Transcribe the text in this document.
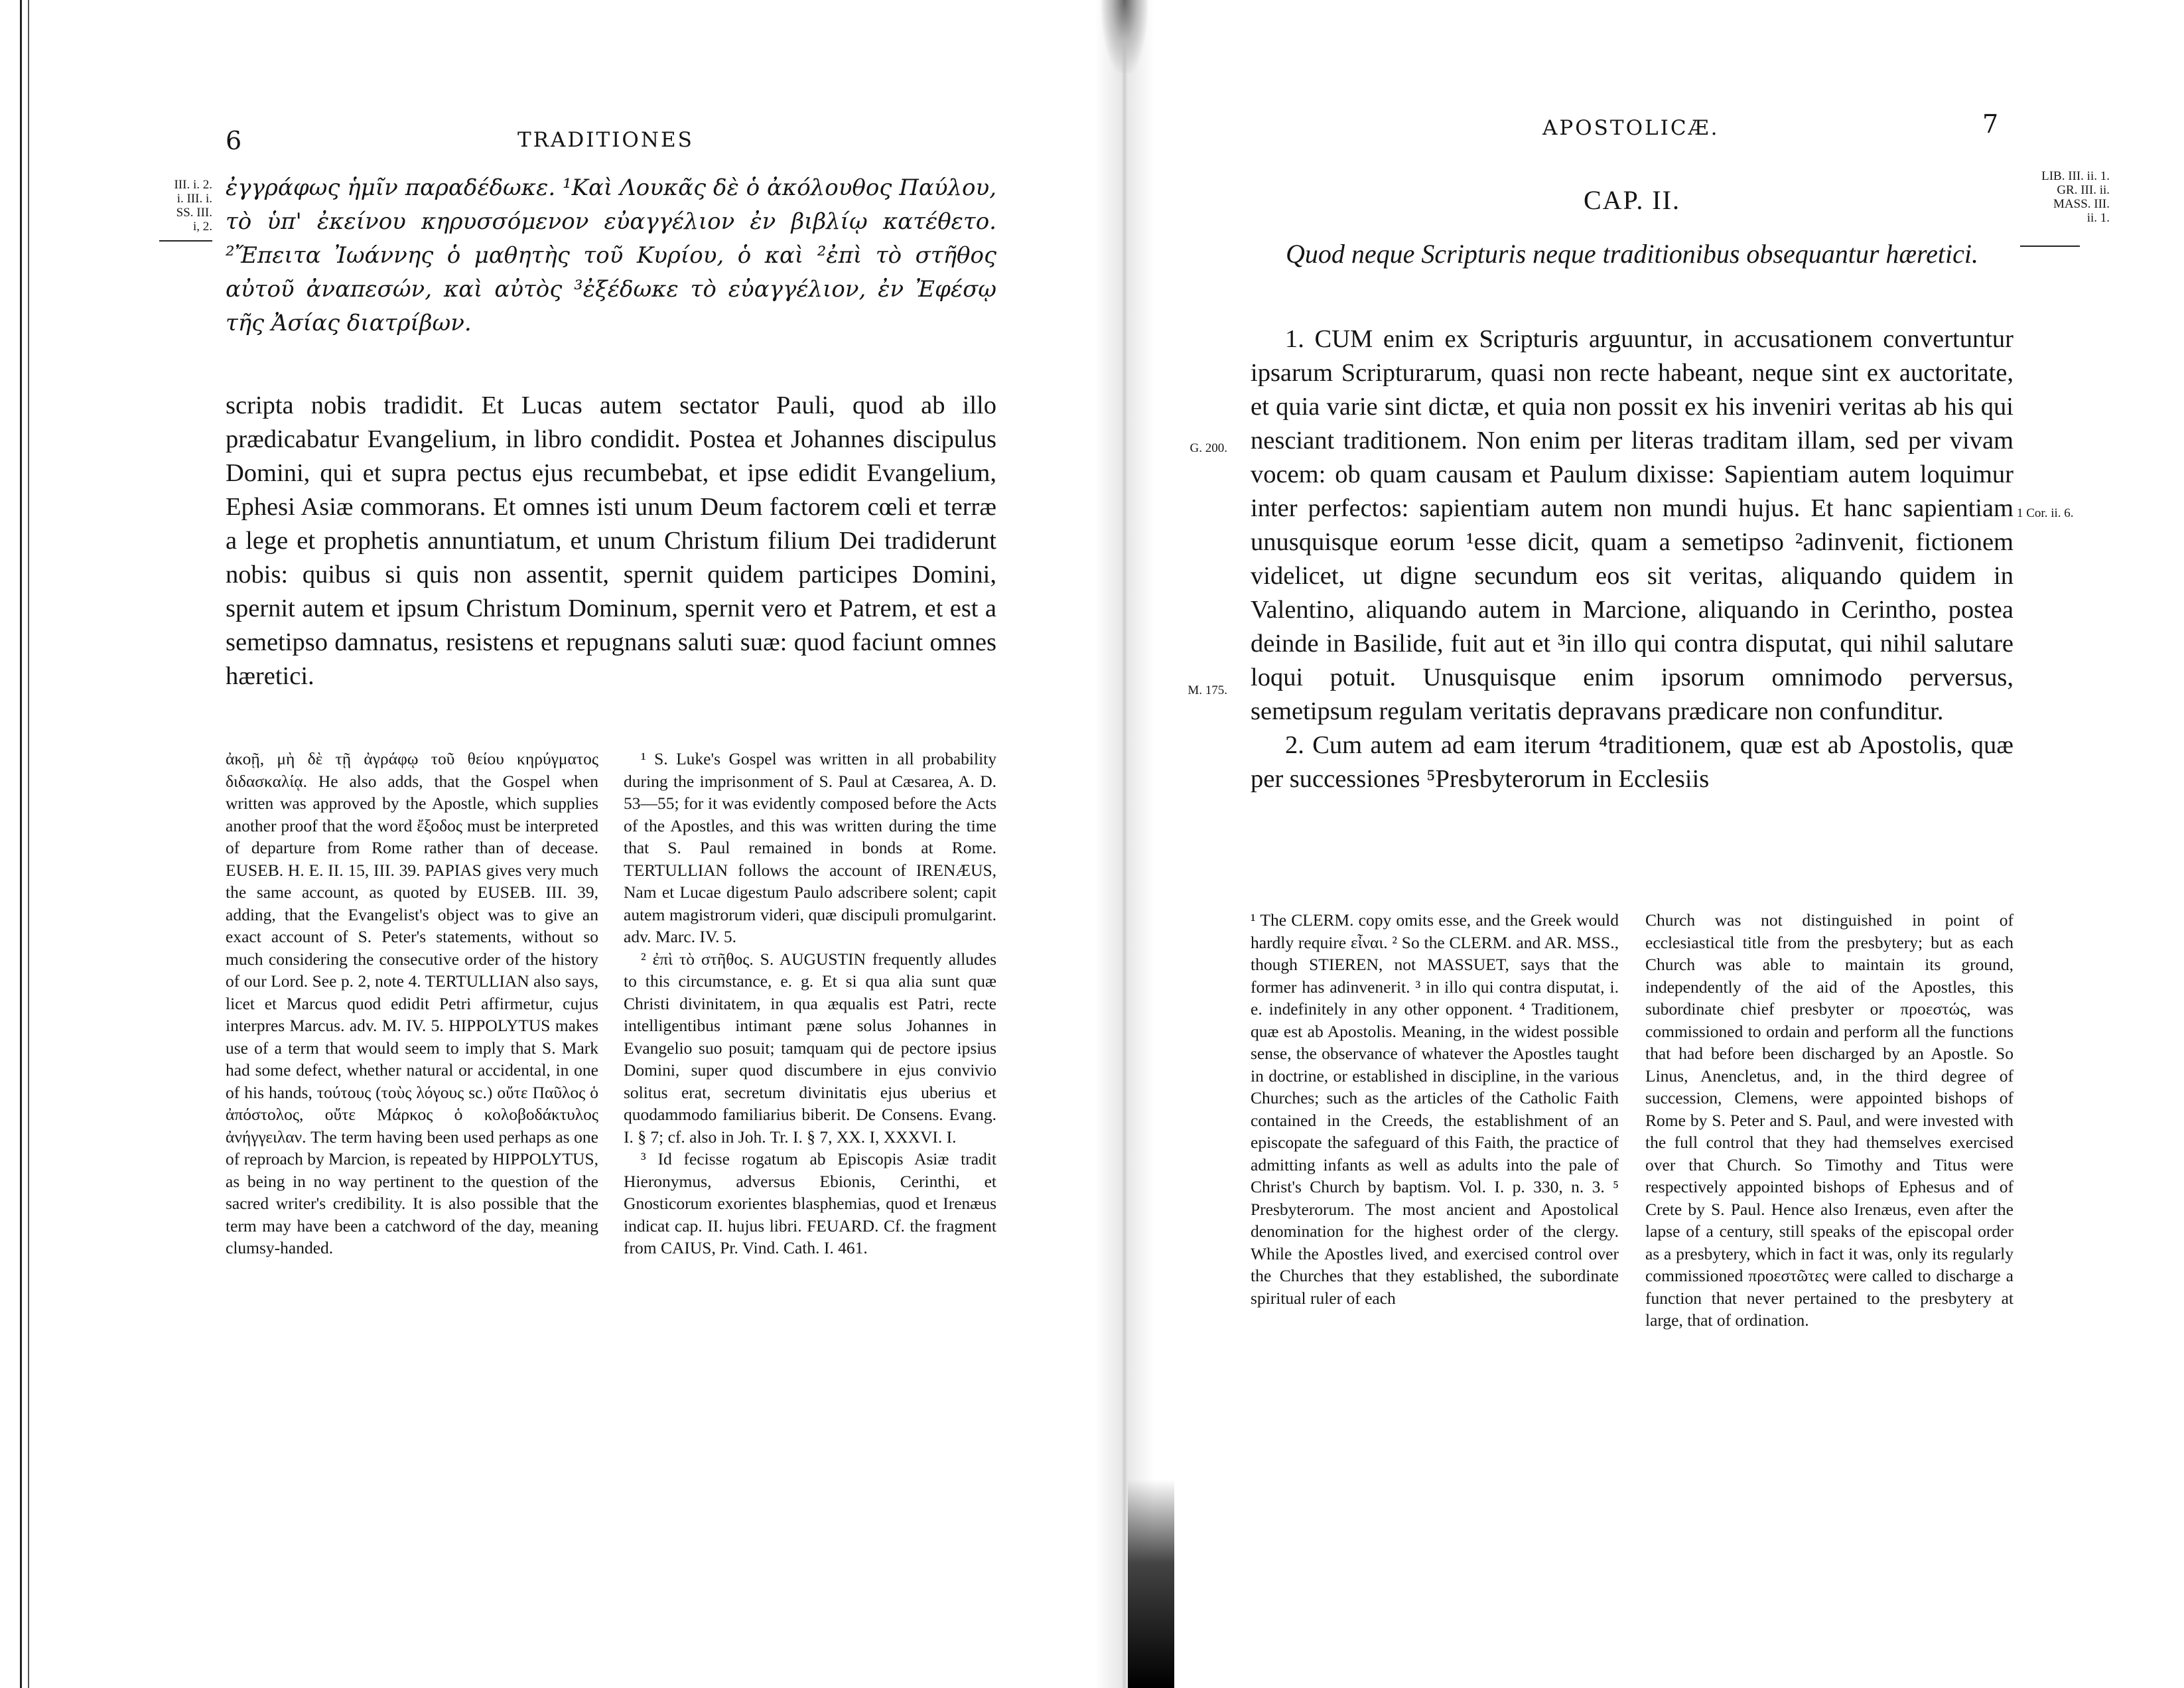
6	TRADITIONES
III. i. 2.
i. III. i.
SS. III.
i, 2.
ἐγγράφως ἡμῖν παραδέδωκε. ¹Καὶ Λουκᾶς δὲ ὁ ἀκόλουθος Παύλου, τὸ ὑπ' ἐκείνου κηρυσσόμενον εὐαγγέλιον ἐν βιβλίῳ κατέθετο. ²Ἔπειτα Ἰωάννης ὁ μαθητὴς τοῦ Κυρίου, ὁ καὶ ²ἐπὶ τὸ στῆθος αὐτοῦ ἀναπεσών, καὶ αὐτὸς ³ἐξέδωκε τὸ εὐαγγέλιον, ἐν Ἐφέσῳ τῆς Ἀσίας διατρίβων.
scripta nobis tradidit. Et Lucas autem sectator Pauli, quod ab illo prædicabatur Evangelium, in libro condidit. Postea et Johannes discipulus Domini, qui et supra pectus ejus recumbebat, et ipse edidit Evangelium, Ephesi Asiæ commorans. Et omnes isti unum Deum factorem cœli et terræ a lege et prophetis annuntiatum, et unum Christum filium Dei tradiderunt nobis: quibus si quis non assentit, spernit quidem participes Domini, spernit autem et ipsum Christum Dominum, spernit vero et Patrem, et est a semetipso damnatus, resistens et repugnans saluti suæ: quod faciunt omnes hæretici.
ἀκοῇ, μὴ δὲ τῇ ἀγράφῳ τοῦ θείου κηρύγματος διδασκαλίᾳ. He also adds, that the Gospel when written was approved by the Apostle, which supplies another proof that the word ἔξοδος must be interpreted of departure from Rome rather than of decease. EUSEB. H. E. II. 15, III. 39. PAPIAS gives very much the same account, as quoted by EUSEB. III. 39, adding, that the Evangelist's object was to give an exact account of S. Peter's statements, without so much considering the consecutive order of the history of our Lord. See p. 2, note 4. TERTULLIAN also says, licet et Marcus quod edidit Petri affirmetur, cujus interpres Marcus. adv. M. IV. 5. HIPPOLYTUS makes use of a term that would seem to imply that S. Mark had some defect, whether natural or accidental, in one of his hands, τούτους (τοὺς λόγους sc.) οὔτε Παῦλος ὁ ἀπόστολος, οὔτε Μάρκος ὁ κολοβοδάκτυλος ἀνήγγειλαν. The term having been used perhaps as one of reproach by Marcion, is repeated by HIPPOLYTUS, as being in no way pertinent to the question of the sacred writer's credibility. It is also possible that the term may have been a catchword of the day, meaning clumsy-handed.

¹ S. Luke's Gospel was written in all probability during the imprisonment of S. Paul at Cæsarea, A. D. 53—55; for it was evidently composed before the Acts of the Apostles, and this was written during the time that S. Paul remained in bonds at Rome. TERTULLIAN follows the account of IRENÆUS, Nam et Lucae digestum Paulo adscribere solent; capit autem magistrorum videri, quæ discipuli promulgarint. adv. Marc. IV. 5.

² ἐπὶ τὸ στῆθος. S. AUGUSTIN frequently alludes to this circumstance, e. g. Et si qua alia sunt quæ Christi divinitatem, in qua æqualis est Patri, recte intelligentibus intimant pæne solus Johannes in Evangelio suo posuit; tamquam qui de pectore ipsius Domini, super quod discumbere in ejus convivio solitus erat, secretum divinitatis ejus uberius et quodammodo familiarius biberit. De Consens. Evang. I. § 7; cf. also in Joh. Tr. I. § 7, XX. I, XXXVI. I.

³ Id fecisse rogatum ab Episcopis Asiæ tradit Hieronymus, adversus Ebionis, Cerinthi, et Gnosticorum exorientes blasphemias, quod et Irenæus indicat cap. II. hujus libri. FEUARD. Cf. the fragment from CAIUS, Pr. Vind. Cath. I. 461.

APOSTOLICÆ.	7
LIB. III. ii. 1.
GR. III. ii.
MASS. III.
ii. 1.
CAP. II.
Quod neque Scripturis neque traditionibus obsequantur hæretici.
G. 200.
1 Cor. ii. 6.
M. 175.

1. CUM enim ex Scripturis arguuntur, in accusationem convertuntur ipsarum Scripturarum, quasi non recte habeant, neque sint ex auctoritate, et quia varie sint dictæ, et quia non possit ex his inveniri veritas ab his qui nesciant traditionem. Non enim per literas traditam illam, sed per vivam vocem: ob quam causam et Paulum dixisse: Sapientiam autem loquimur inter perfectos: sapientiam autem non mundi hujus. Et hanc sapientiam unusquisque eorum ¹esse dicit, quam a semetipso ²adinvenit, fictionem videlicet, ut digne secundum eos sit veritas, aliquando quidem in Valentino, aliquando autem in Marcione, aliquando in Cerintho, postea deinde in Basilide, fuit aut et ³in illo qui contra disputat, qui nihil salutare loqui potuit. Unusquisque enim ipsorum omnimodo perversus, semetipsum regulam veritatis depravans prædicare non confunditur.

2. Cum autem ad eam iterum ⁴traditionem, quæ est ab Apostolis, quæ per successiones ⁵Presbyterorum in Ecclesiis

¹ The CLERM. copy omits esse, and the Greek would hardly require εἶναι. ² So the CLERM. and AR. MSS., though STIEREN, not MASSUET, says that the former has adinvenerit. ³ in illo qui contra disputat, i. e. indefinitely in any other opponent. ⁴ Traditionem, quæ est ab Apostolis. Meaning, in the widest possible sense, the observance of whatever the Apostles taught in doctrine, or established in discipline, in the various Churches; such as the articles of the Catholic Faith contained in the Creeds, the establishment of an episcopate the safeguard of this Faith, the practice of admitting infants as well as adults into the pale of Christ's Church by baptism. Vol. I. p. 330, n. 3. ⁵ Presbyterorum. The most ancient and Apostolical denomination for the highest order of the clergy. While the Apostles lived, and exercised control over the Churches that they established, the subordinate spiritual ruler of each
Church was not distinguished in point of ecclesiastical title from the presbytery; but as each Church was able to maintain its ground, independently of the aid of the Apostles, this subordinate chief presbyter or προεστώς, was commissioned to ordain and perform all the functions that had before been discharged by an Apostle. So Linus, Anencletus, and, in the third degree of succession, Clemens, were appointed bishops of Rome by S. Peter and S. Paul, and were invested with the full control that they had themselves exercised over that Church. So Timothy and Titus were respectively appointed bishops of Ephesus and of Crete by S. Paul. Hence also Irenæus, even after the lapse of a century, still speaks of the episcopal order as a presbytery, which in fact it was, only its regularly commissioned προεστῶτες were called to discharge a function that never pertained to the presbytery at large, that of ordination.
